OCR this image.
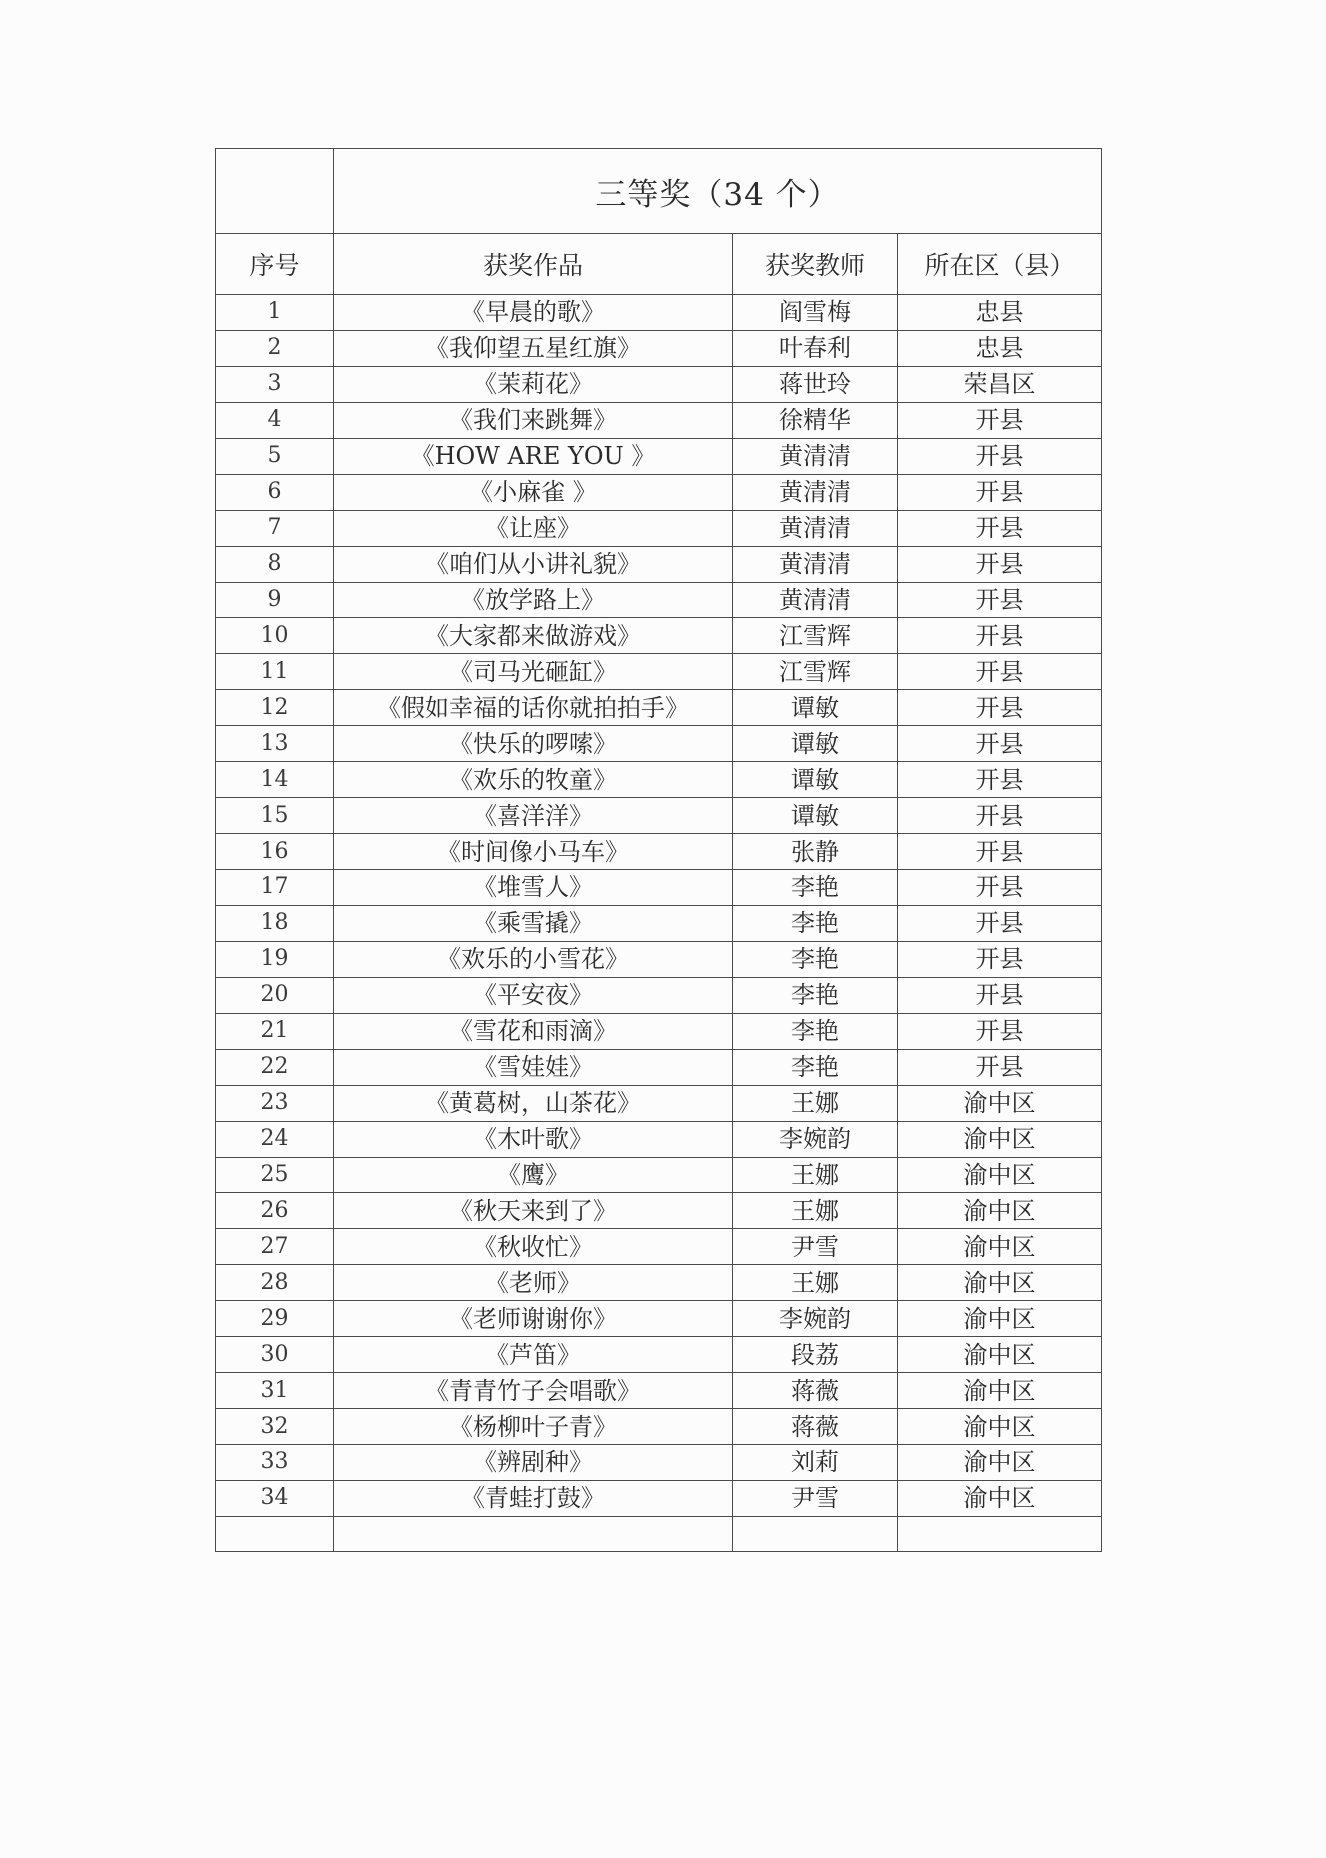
	三等奖（34 个）		
序号	获奖作品	获奖教师	所在区（县）
1	《早晨的歌》	阎雪梅	忠县
2	《我仰望五星红旗》	叶春利	忠县
3	《茉莉花》	蒋世玲	荣昌区
4	《我们来跳舞》	徐精华	开县
5	《HOW ARE YOU 》	黄清清	开县
6	《小麻雀 》	黄清清	开县
7	《让座》	黄清清	开县
8	《咱们从小讲礼貌》	黄清清	开县
9	《放学路上》	黄清清	开县
10	《大家都来做游戏》	江雪辉	开县
11	《司马光砸缸》	江雪辉	开县
12	《假如幸福的话你就拍拍手》	谭敏	开县
13	《快乐的啰嗦》	谭敏	开县
14	《欢乐的牧童》	谭敏	开县
15	《喜洋洋》	谭敏	开县
16	《时间像小马车》	张静	开县
17	《堆雪人》	李艳	开县
18	《乘雪撬》	李艳	开县
19	《欢乐的小雪花》	李艳	开县
20	《平安夜》	李艳	开县
21	《雪花和雨滴》	李艳	开县
22	《雪娃娃》	李艳	开县
23	《黄葛树，山茶花》	王娜	渝中区
24	《木叶歌》	李婉韵	渝中区
25	《鹰》	王娜	渝中区
26	《秋天来到了》	王娜	渝中区
27	《秋收忙》	尹雪	渝中区
28	《老师》	王娜	渝中区
29	《老师谢谢你》	李婉韵	渝中区
30	《芦笛》	段荔	渝中区
31	《青青竹子会唱歌》	蒋薇	渝中区
32	《杨柳叶子青》	蒋薇	渝中区
33	《辨剧种》	刘莉	渝中区
34	《青蛙打鼓》	尹雪	渝中区
